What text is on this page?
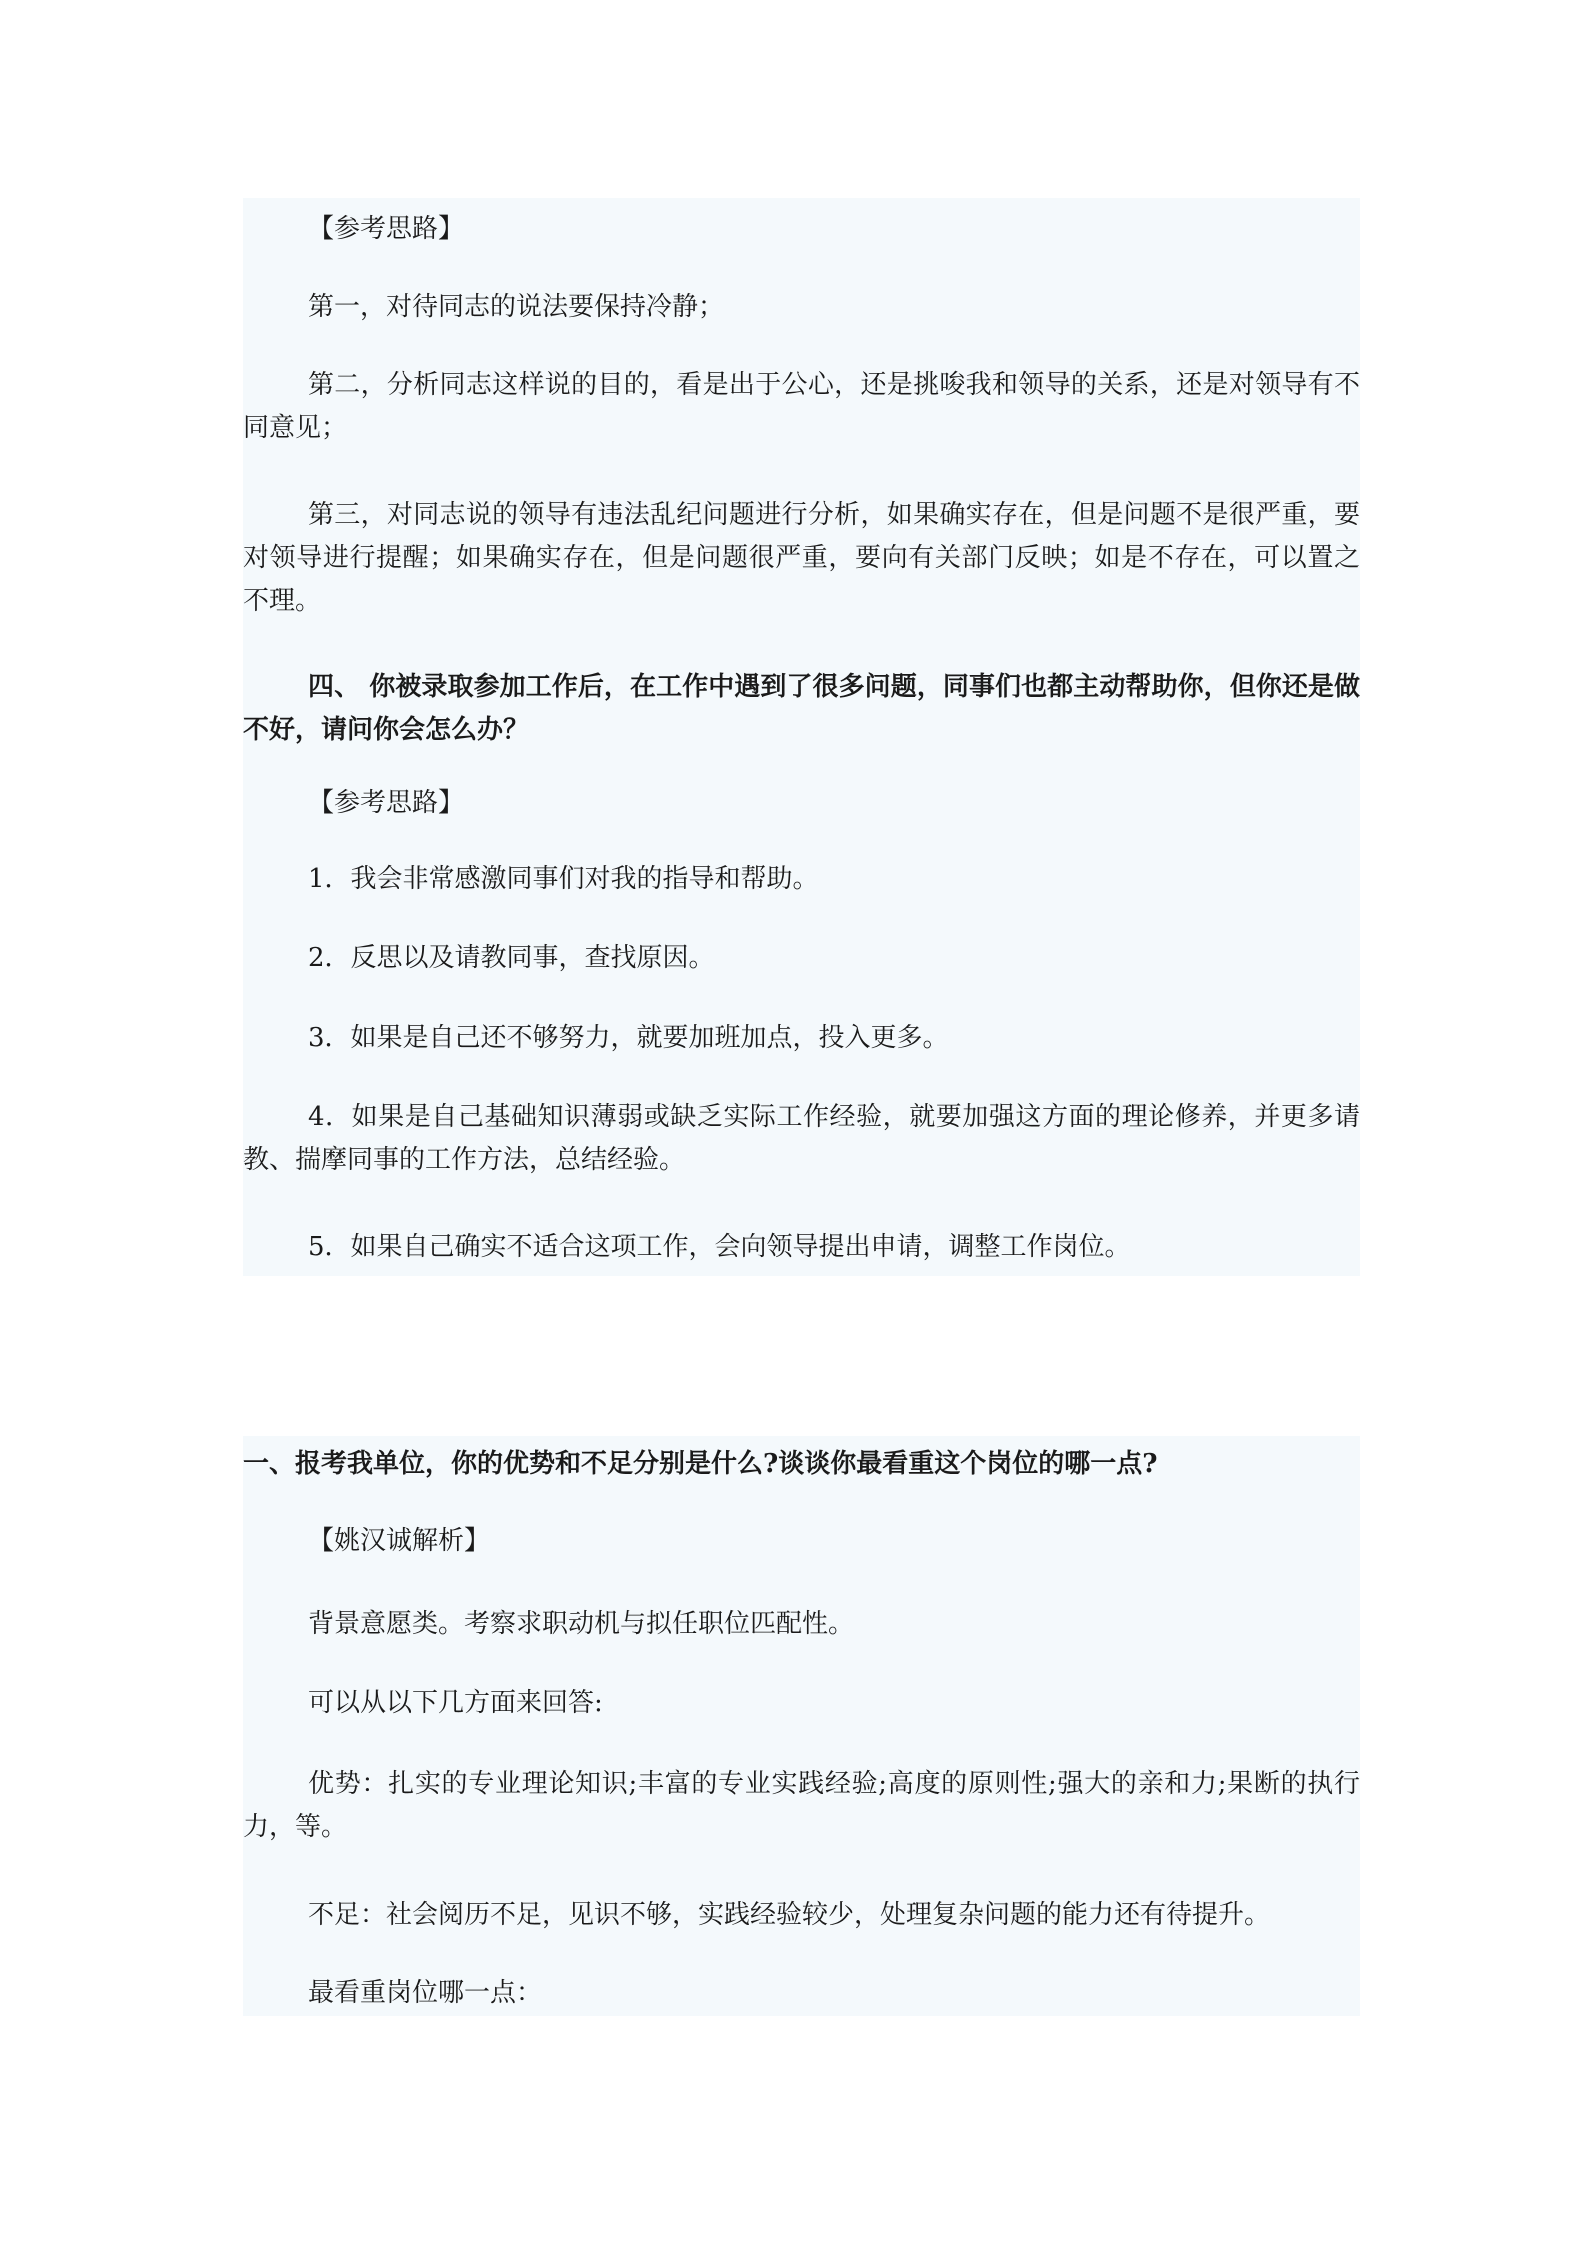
【参考思路】

第一，对待同志的说法要保持冷静；

第二，分析同志这样说的目的，看是出于公心，还是挑唆我和领导的关系，还是对领导有不同意见；

第三，对同志说的领导有违法乱纪问题进行分析，如果确实存在，但是问题不是很严重，要对领导进行提醒；如果确实存在，但是问题很严重，要向有关部门反映；如是不存在，可以置之不理。

四、 你被录取参加工作后，在工作中遇到了很多问题，同事们也都主动帮助你，但你还是做不好，请问你会怎么办？

【参考思路】

1．我会非常感激同事们对我的指导和帮助。

2．反思以及请教同事，查找原因。

3．如果是自己还不够努力，就要加班加点，投入更多。

4．如果是自己基础知识薄弱或缺乏实际工作经验，就要加强这方面的理论修养，并更多请教、揣摩同事的工作方法，总结经验。

5．如果自己确实不适合这项工作，会向领导提出申请，调整工作岗位。

一、报考我单位，你的优势和不足分别是什么?谈谈你最看重这个岗位的哪一点?

【姚汉诚解析】

背景意愿类。考察求职动机与拟任职位匹配性。

可以从以下几方面来回答:

优势：扎实的专业理论知识;丰富的专业实践经验;高度的原则性;强大的亲和力;果断的执行力，等。

不足：社会阅历不足，见识不够，实践经验较少，处理复杂问题的能力还有待提升。

最看重岗位哪一点：
